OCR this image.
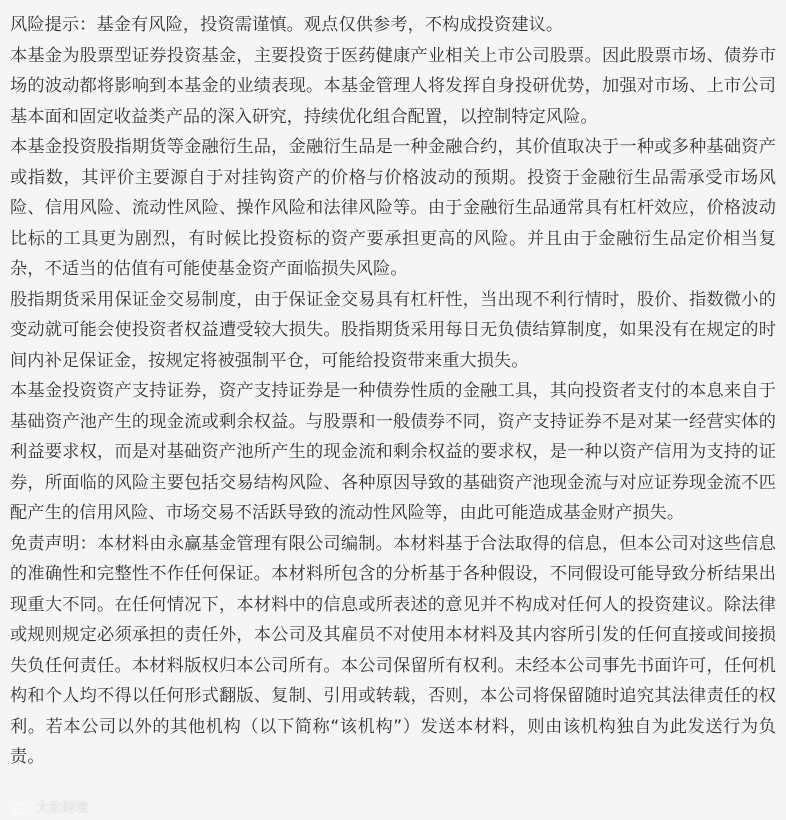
风险提示：基金有风险，投资需谨慎。观点仅供参考，不构成投资建议。

本基金为股票型证券投资基金，主要投资于医药健康产业相关上市公司股票。因此股票市场、债券市场的波动都将影响到本基金的业绩表现。本基金管理人将发挥自身投研优势，加强对市场、上市公司基本面和固定收益类产品的深入研究，持续优化组合配置，以控制特定风险。

本基金投资股指期货等金融衍生品，金融衍生品是一种金融合约，其价值取决于一种或多种基础资产或指数，其评价主要源自于对挂钩资产的价格与价格波动的预期。投资于金融衍生品需承受市场风险、信用风险、流动性风险、操作风险和法律风险等。由于金融衍生品通常具有杠杆效应，价格波动比标的工具更为剧烈，有时候比投资标的资产要承担更高的风险。并且由于金融衍生品定价相当复杂，不适当的估值有可能使基金资产面临损失风险。

股指期货采用保证金交易制度，由于保证金交易具有杠杆性，当出现不利行情时，股价、指数微小的变动就可能会使投资者权益遭受较大损失。股指期货采用每日无负债结算制度，如果没有在规定的时间内补足保证金，按规定将被强制平仓，可能给投资带来重大损失。

本基金投资资产支持证券，资产支持证券是一种债券性质的金融工具，其向投资者支付的本息来自于基础资产池产生的现金流或剩余权益。与股票和一般债券不同，资产支持证券不是对某一经营实体的利益要求权，而是对基础资产池所产生的现金流和剩余权益的要求权，是一种以资产信用为支持的证券，所面临的风险主要包括交易结构风险、各种原因导致的基础资产池现金流与对应证券现金流不匹配产生的信用风险、市场交易不活跃导致的流动性风险等，由此可能造成基金财产损失。

免责声明：本材料由永赢基金管理有限公司编制。本材料基于合法取得的信息，但本公司对这些信息的准确性和完整性不作任何保证。本材料所包含的分析基于各种假设，不同假设可能导致分析结果出现重大不同。在任何情况下，本材料中的信息或所表述的意见并不构成对任何人的投资建议。除法律或规则规定必须承担的责任外，本公司及其雇员不对使用本材料及其内容所引发的任何直接或间接损失负任何责任。本材料版权归本公司所有。本公司保留所有权利。未经本公司事先书面许可，任何机构和个人均不得以任何形式翻版、复制、引用或转载，否则，本公司将保留随时追究其法律责任的权利。若本公司以外的其他机构（以下简称“该机构”）发送本材料，则由该机构独自为此发送行为负责。

大敌跨境
